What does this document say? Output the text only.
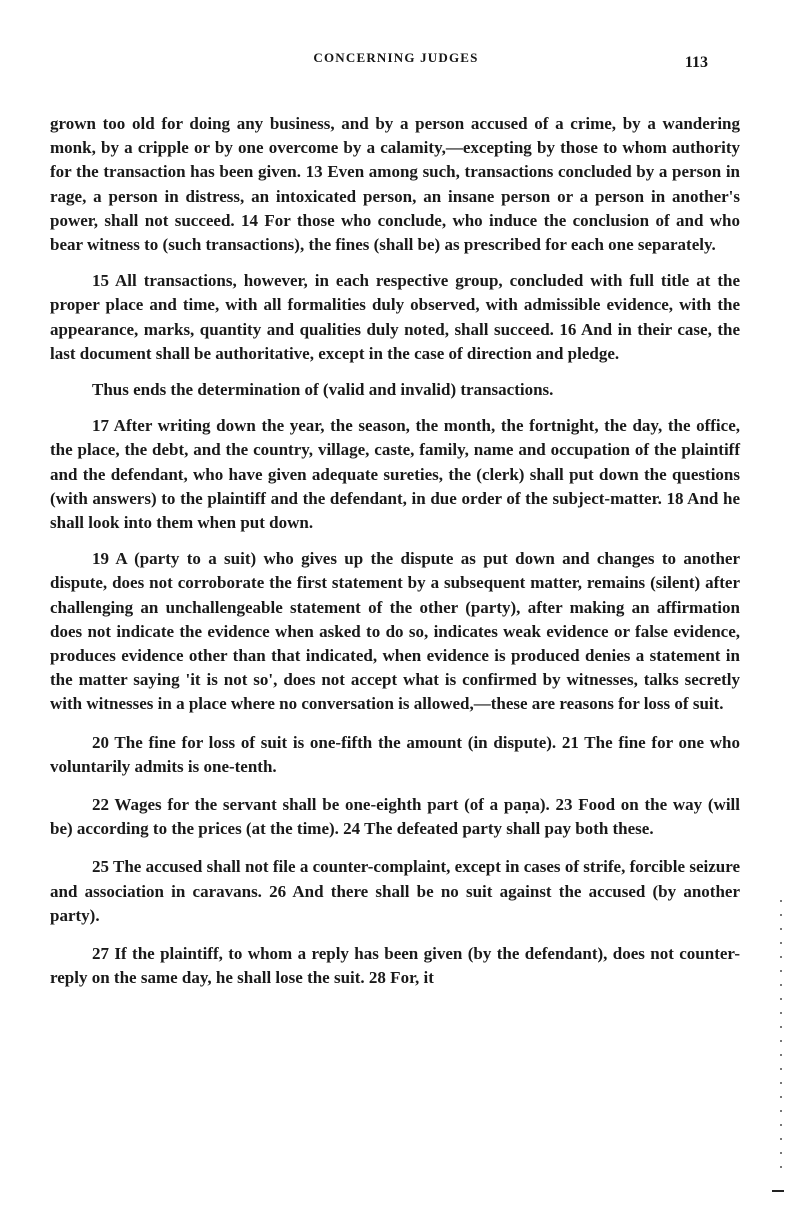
CONCERNING JUDGES	113

grown too old for doing any business, and by a person accused of a crime, by a wandering monk, by a cripple or by one overcome by a calamity,—excepting by those to whom authority for the transaction has been given. 13 Even among such, transactions concluded by a person in rage, a person in distress, an intoxicated person, an insane person or a person in another's power, shall not succeed. 14 For those who conclude, who induce the conclusion of and who bear witness to (such transactions), the fines (shall be) as prescribed for each one separately.

15 All transactions, however, in each respective group, concluded with full title at the proper place and time, with all formalities duly observed, with admissible evidence, with the appearance, marks, quantity and qualities duly noted, shall succeed. 16 And in their case, the last document shall be authoritative, except in the case of direction and pledge.

Thus ends the determination of (valid and invalid) transactions.

17 After writing down the year, the season, the month, the fortnight, the day, the office, the place, the debt, and the country, village, caste, family, name and occupation of the plaintiff and the defendant, who have given adequate sureties, the (clerk) shall put down the questions (with answers) to the plaintiff and the defendant, in due order of the subject-matter. 18 And he shall look into them when put down.

19 A (party to a suit) who gives up the dispute as put down and changes to another dispute, does not corroborate the first statement by a subsequent matter, remains (silent) after challenging an unchallengeable statement of the other (party), after making an affirmation does not indicate the evidence when asked to do so, indicates weak evidence or false evidence, produces evidence other than that indicated, when evidence is produced denies a statement in the matter saying 'it is not so', does not accept what is confirmed by witnesses, talks secretly with witnesses in a place where no conversation is allowed,—these are reasons for loss of suit.

20 The fine for loss of suit is one-fifth the amount (in dispute). 21 The fine for one who voluntarily admits is one-tenth.

22 Wages for the servant shall be one-eighth part (of a paṇa). 23 Food on the way (will be) according to the prices (at the time). 24 The defeated party shall pay both these.

25 The accused shall not file a counter-complaint, except in cases of strife, forcible seizure and association in caravans. 26 And there shall be no suit against the accused (by another party).

27 If the plaintiff, to whom a reply has been given (by the defendant), does not counter-reply on the same day, he shall lose the suit. 28 For, it
